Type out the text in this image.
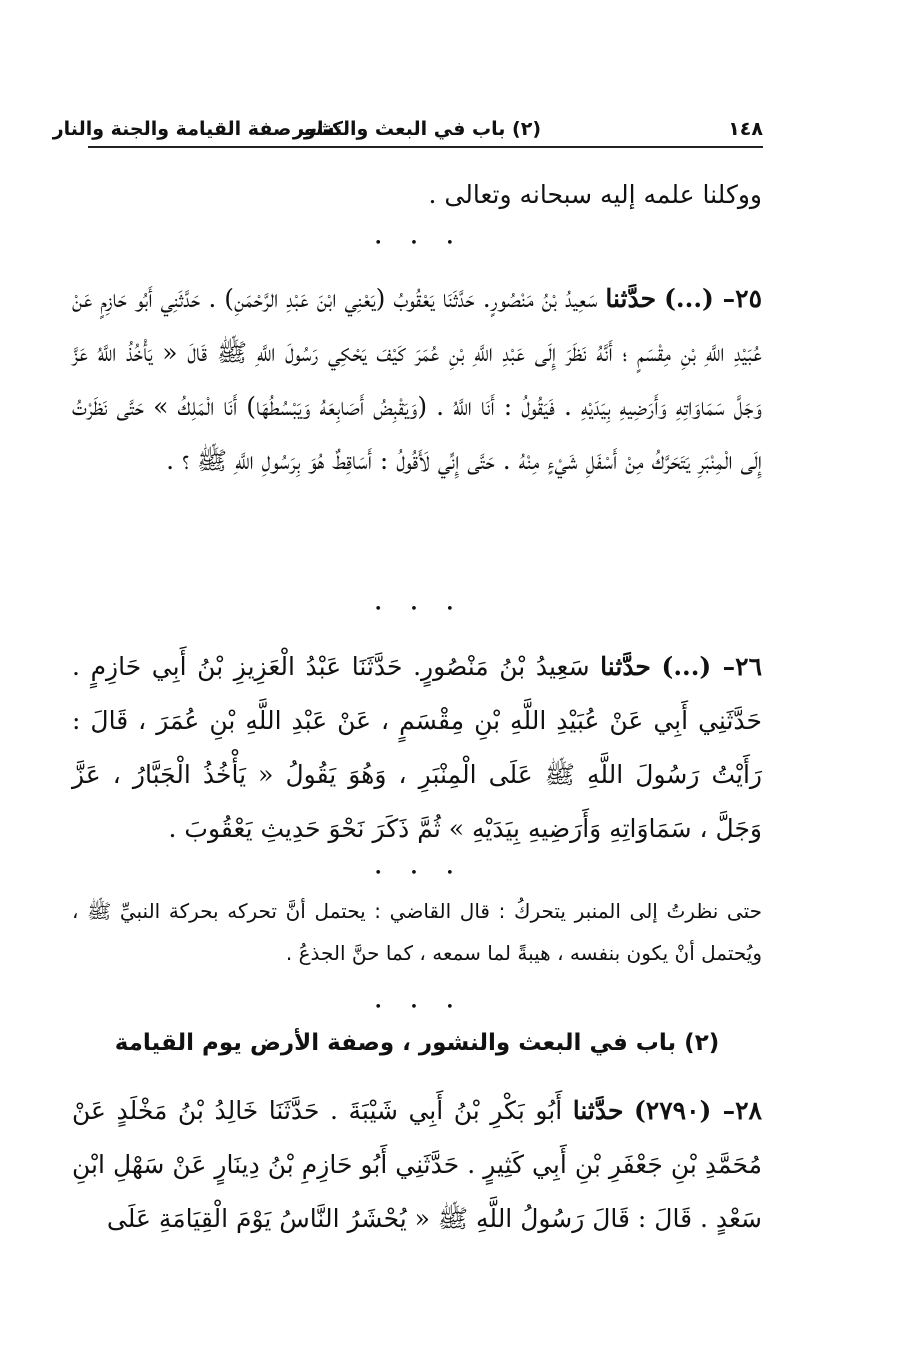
١٤٨
(٢) باب في البعث والنشور
كتاب صفة القيامة والجنة والنار

ووكلنا علمه إليه سبحانه وتعالى .

• • •

٢٥– (...) حدَّثنا سَعِيدُ بْنُ مَنْصُورٍ. حَدَّثَنَا يَعْقُوبُ (يَعْنِي ابْنَ عَبْدِ الرَّحْمَنِ) . حَدَّثَنِي أَبُو حَازِمٍ عَنْ عُبَيْدِ اللَّهِ بْنِ مِقْسَمٍ ؛ أَنَّهُ نَظَرَ إِلَى عَبْدِ اللَّهِ بْنِ عُمَرَ كَيْفَ يَحْكِي رَسُولَ اللَّهِ ﷺ قَالَ « يَأْخُذُ اللَّهُ عَزَّ وَجَلَّ سَمَاوَاتِهِ وَأَرَضِيهِ بِيَدَيْهِ . فَيَقُولُ : أَنَا اللَّهُ . (وَيَقْبِضُ أَصَابِعَهُ وَيَبْسُطُهَا) أَنَا الْمَلِكُ » حَتَّى نَظَرْتُ إِلَى الْمِنْبَرِ يَتَحَرَّكُ مِنْ أَسْفَلِ شَيْءٍ مِنْهُ . حَتَّى إِنِّي لَأَقُولُ : أَسَاقِطٌ هُوَ بِرَسُولِ اللَّهِ ﷺ ؟ .

• • •

٢٦– (...) حدَّثنا سَعِيدُ بْنُ مَنْصُورٍ. حَدَّثَنَا عَبْدُ الْعَزِيزِ بْنُ أَبِي حَازِمٍ . حَدَّثَنِي أَبِي عَنْ عُبَيْدِ اللَّهِ بْنِ مِقْسَمٍ ، عَنْ عَبْدِ اللَّهِ بْنِ عُمَرَ ، قَالَ : رَأَيْتُ رَسُولَ اللَّهِ ﷺ عَلَى الْمِنْبَرِ ، وَهُوَ يَقُولُ « يَأْخُذُ الْجَبَّارُ ، عَزَّ وَجَلَّ ، سَمَاوَاتِهِ وَأَرَضِيهِ بِيَدَيْهِ » ثُمَّ ذَكَرَ نَحْوَ حَدِيثِ يَعْقُوبَ .

• • •

حتى نظرتُ إلى المنبر يتحركُ : قال القاضي : يحتمل أنَّ تحركه بحركة النبيِّ ﷺ ، ويُحتمل أنْ يكون بنفسه ، هيبةً لما سمعه ، كما حنَّ الجذعُ .

• • •

(٢) باب في البعث والنشور ، وصفة الأرض يوم القيامة

٢٨– (٢٧٩٠) حدَّثنا أَبُو بَكْرِ بْنُ أَبِي شَيْبَةَ . حَدَّثَنَا خَالِدُ بْنُ مَخْلَدٍ عَنْ مُحَمَّدِ بْنِ جَعْفَرِ بْنِ أَبِي كَثِيرٍ . حَدَّثَنِي أَبُو حَازِمِ بْنُ دِينَارٍ عَنْ سَهْلِ ابْنِ سَعْدٍ . قَالَ : قَالَ رَسُولُ اللَّهِ ﷺ « يُحْشَرُ النَّاسُ يَوْمَ الْقِيَامَةِ عَلَى
